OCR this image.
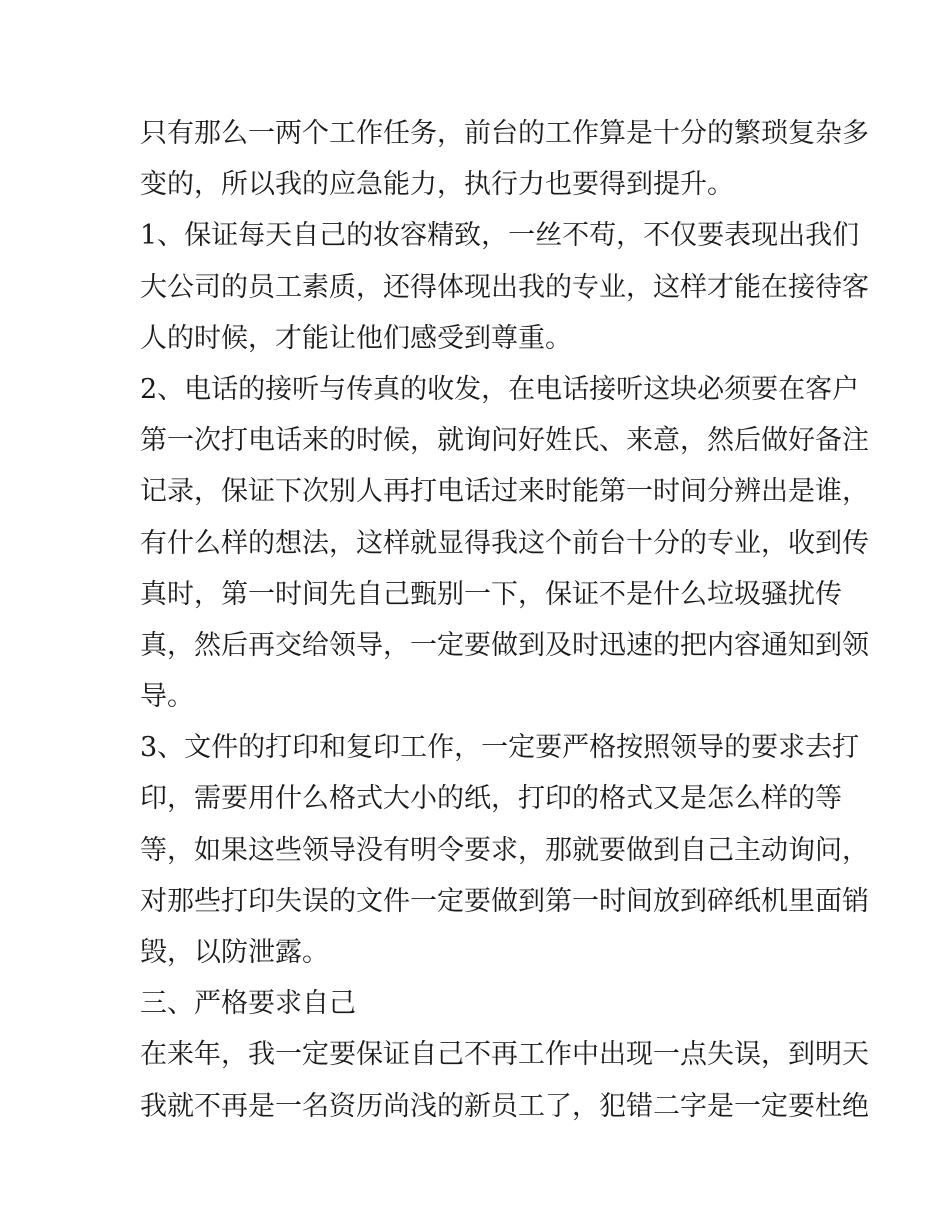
只有那么一两个工作任务，前台的工作算是十分的繁琐复杂多
变的，所以我的应急能力，执行力也要得到提升。
1、保证每天自己的妆容精致，一丝不苟，不仅要表现出我们
大公司的员工素质，还得体现出我的专业，这样才能在接待客
人的时候，才能让他们感受到尊重。
2、电话的接听与传真的收发，在电话接听这块必须要在客户
第一次打电话来的时候，就询问好姓氏、来意，然后做好备注
记录，保证下次别人再打电话过来时能第一时间分辨出是谁，
有什么样的想法，这样就显得我这个前台十分的专业，收到传
真时，第一时间先自己甄别一下，保证不是什么垃圾骚扰传
真，然后再交给领导，一定要做到及时迅速的把内容通知到领
导。
3、文件的打印和复印工作，一定要严格按照领导的要求去打
印，需要用什么格式大小的纸，打印的格式又是怎么样的等
等，如果这些领导没有明令要求，那就要做到自己主动询问，
对那些打印失误的文件一定要做到第一时间放到碎纸机里面销
毁，以防泄露。
三、严格要求自己
在来年，我一定要保证自己不再工作中出现一点失误，到明天
我就不再是一名资历尚浅的新员工了，犯错二字是一定要杜绝
